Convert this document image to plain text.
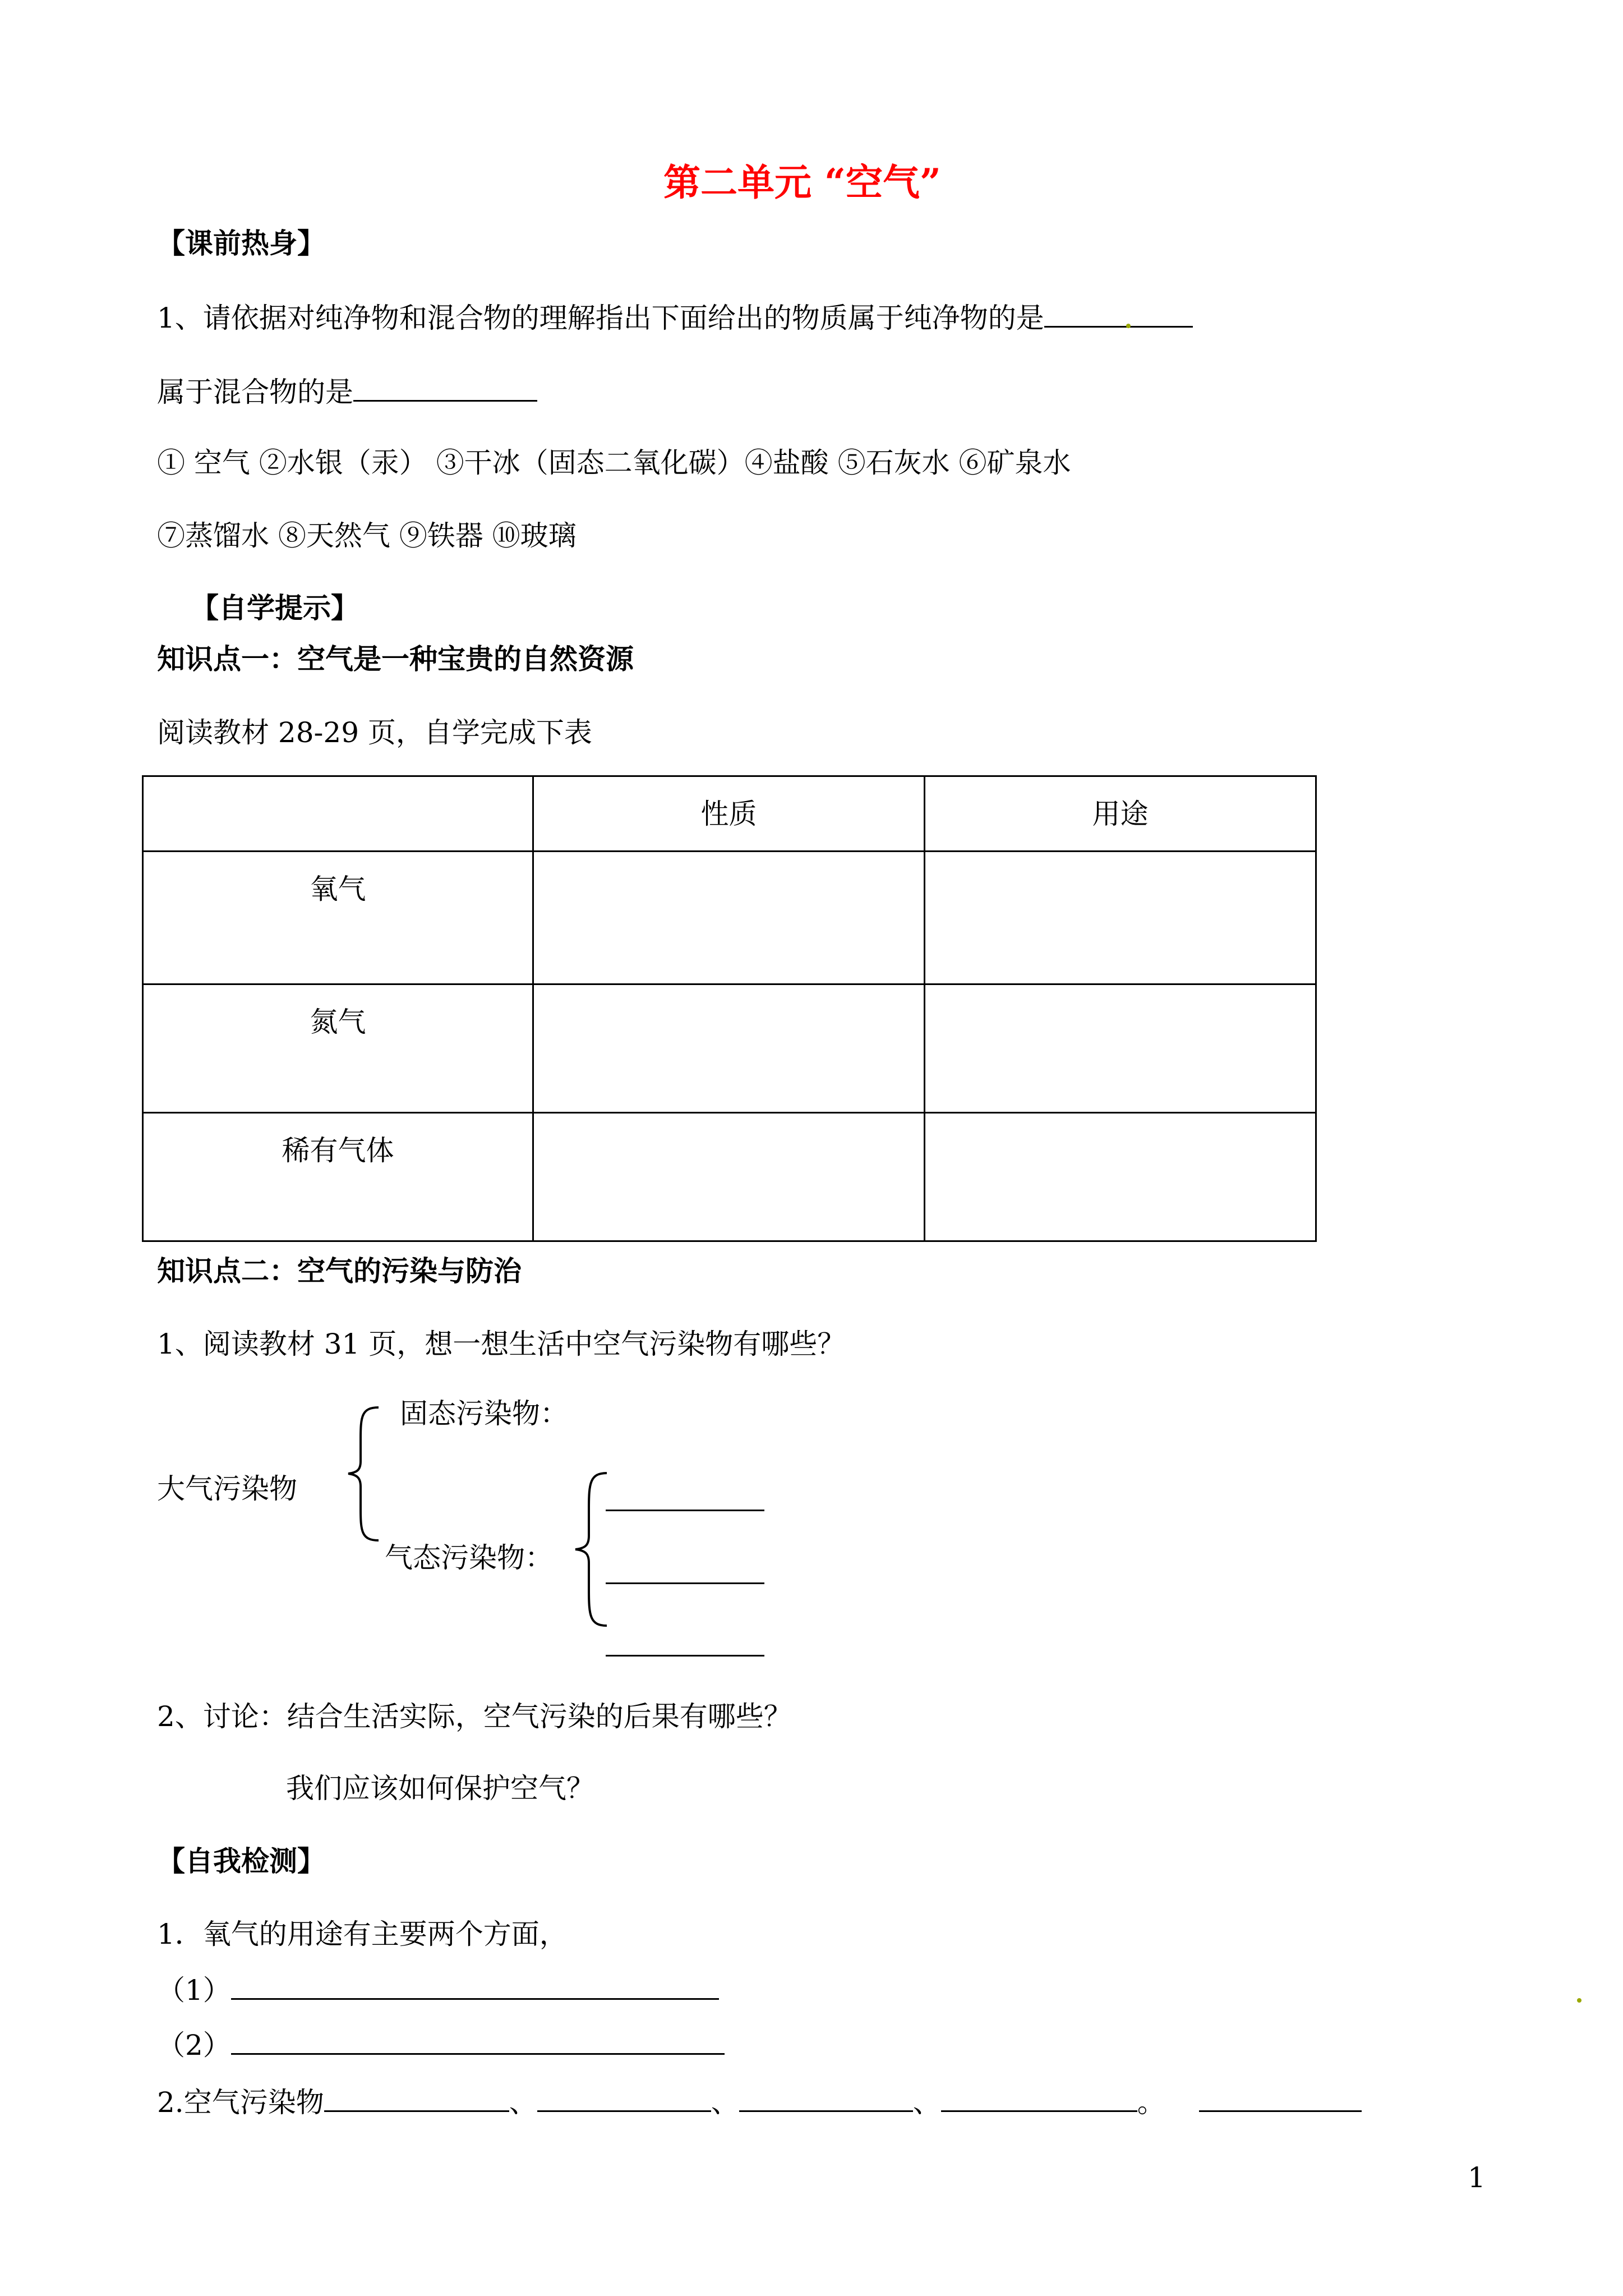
第二单元 “空气”
【课前热身】
1、请依据对纯净物和混合物的理解指出下面给出的物质属于纯净物的是
属于混合物的是
① 空气 ②水银（汞） ③干冰（固态二氧化碳）④盐酸 ⑤石灰水 ⑥矿泉水
⑦蒸馏水 ⑧天然气 ⑨铁器 ⑩玻璃
【自学提示】
知识点一：空气是一种宝贵的自然资源
阅读教材 28-29 页，自学完成下表
	性质	用途
氧气		
氮气		
稀有气体		
知识点二：空气的污染与防治
1、阅读教材 31 页，想一想生活中空气污染物有哪些？
大气污染物
固态污染物：
气态污染物：
2、讨论：结合生活实际，空气污染的后果有哪些？
我们应该如何保护空气？
【自我检测】
1．氧气的用途有主要两个方面，
（1）
（2）
2.空气污染物	、	、	、	。
1
